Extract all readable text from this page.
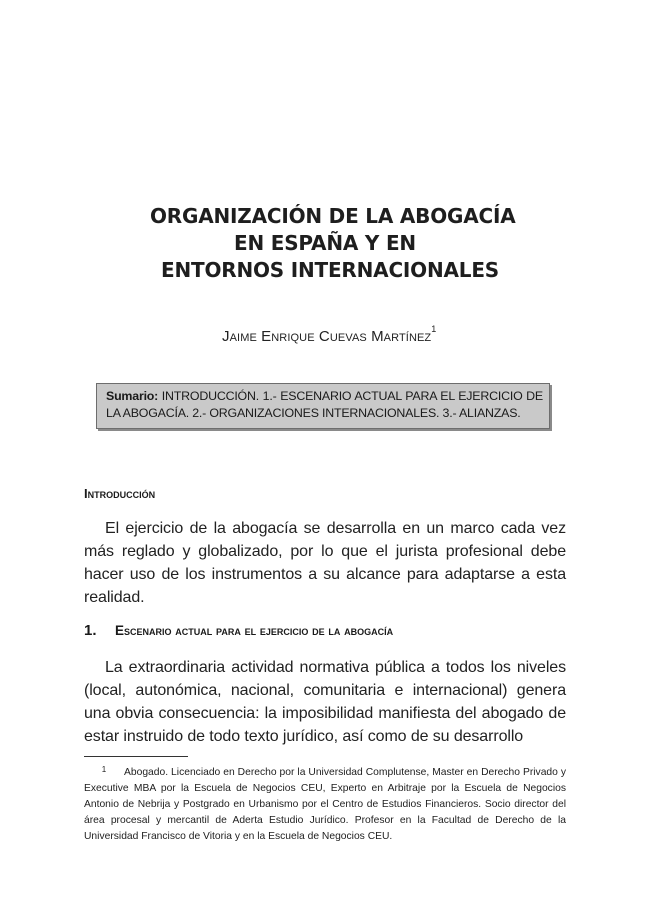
ORGANIZACIÓN DE LA ABOGACÍA
EN ESPAÑA Y EN
ENTORNOS INTERNACIONALES
Jaime Enrique Cuevas Martínez$^1$
Sumario: INTRODUCCIÓN. 1.- ESCENARIO ACTUAL PARA EL EJERCICIO DE LA ABOGACÍA. 2.- ORGANIZACIONES INTERNACIONALES. 3.- ALIANZAS.
Introducción
El ejercicio de la abogacía se desarrolla en un marco cada vez más reglado y globalizado, por lo que el jurista profesional debe hacer uso de los instrumentos a su alcance para adaptarse a esta realidad.
1. Escenario actual para el ejercicio de la abogacía
La extraordinaria actividad normativa pública a todos los niveles (local, autonómica, nacional, comunitaria e internacional) genera una obvia consecuencia: la imposibilidad manifiesta del abogado de estar instruido de todo texto jurídico, así como de su desarrollo
1 Abogado. Licenciado en Derecho por la Universidad Complutense, Master en Derecho Privado y Executive MBA por la Escuela de Negocios CEU, Experto en Arbitraje por la Escuela de Negocios Antonio de Nebrija y Postgrado en Urbanismo por el Centro de Estudios Financieros. Socio director del área procesal y mercantil de Aderta Estudio Jurídico. Profesor en la Facultad de Derecho de la Universidad Francisco de Vitoria y en la Escuela de Negocios CEU.
